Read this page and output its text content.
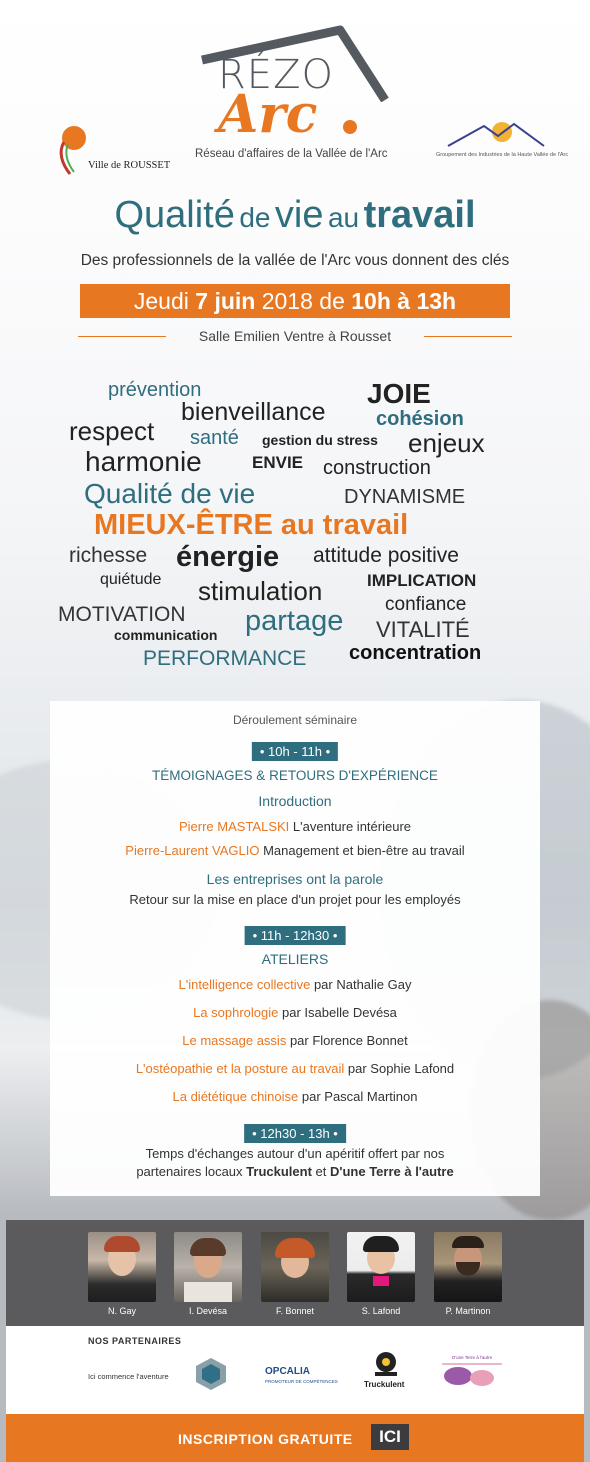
RÉZO
Arc
Réseau d'affaires de la Vallée de l'Arc
Ville de ROUSSET
Groupement des Industries de la Haute Vallée de l'Arc
Qualité de vie au travail
Des professionnels de la vallée de l'Arc vous donnent des clés
Jeudi 7 juin 2018 de 10h à 13h
Salle Emilien Ventre à Rousset
prévention	JOIE
bienveillance	cohésion
respect santé gestion du stress enjeux
harmonie	ENVIE construction
Qualité de vie	DYNAMISME
MIEUX-ÊTRE au travail
richesse énergie attitude positive
quiétude stimulation	IMPLICATION
confiance
MOTIVATION partage VITALITÉ
communication
PERFORMANCE concentration
Déroulement séminaire
• 10h - 11h •
TÉMOIGNAGES & RETOURS D'EXPÉRIENCE
Introduction
Pierre MASTALSKI L'aventure intérieure
Pierre-Laurent VAGLIO Management et bien-être au travail
Les entreprises ont la parole
Retour sur la mise en place d'un projet pour les employés
• 11h - 12h30 •
ATELIERS
L'intelligence collective par Nathalie Gay
La sophrologie par Isabelle Devésa
Le massage assis par Florence Bonnet
L'ostéopathie et la posture au travail par Sophie Lafond
La diététique chinoise par Pascal Martinon
• 12h30 - 13h •
Temps d'échanges autour d'un apéritif offert par nos
partenaires locaux Truckulent et D'une Terre à l'autre
N. Gay	I. Devésa	F. Bonnet	S. Lafond	P. Martinon
NOS PARTENAIRES
Ici commence l'aventure	OPCALIA
PROMOTEUR DE COMPÉTENCES	Truckulent
D'une Terre à l'autre
INSCRIPTION GRATUITE	ICI
